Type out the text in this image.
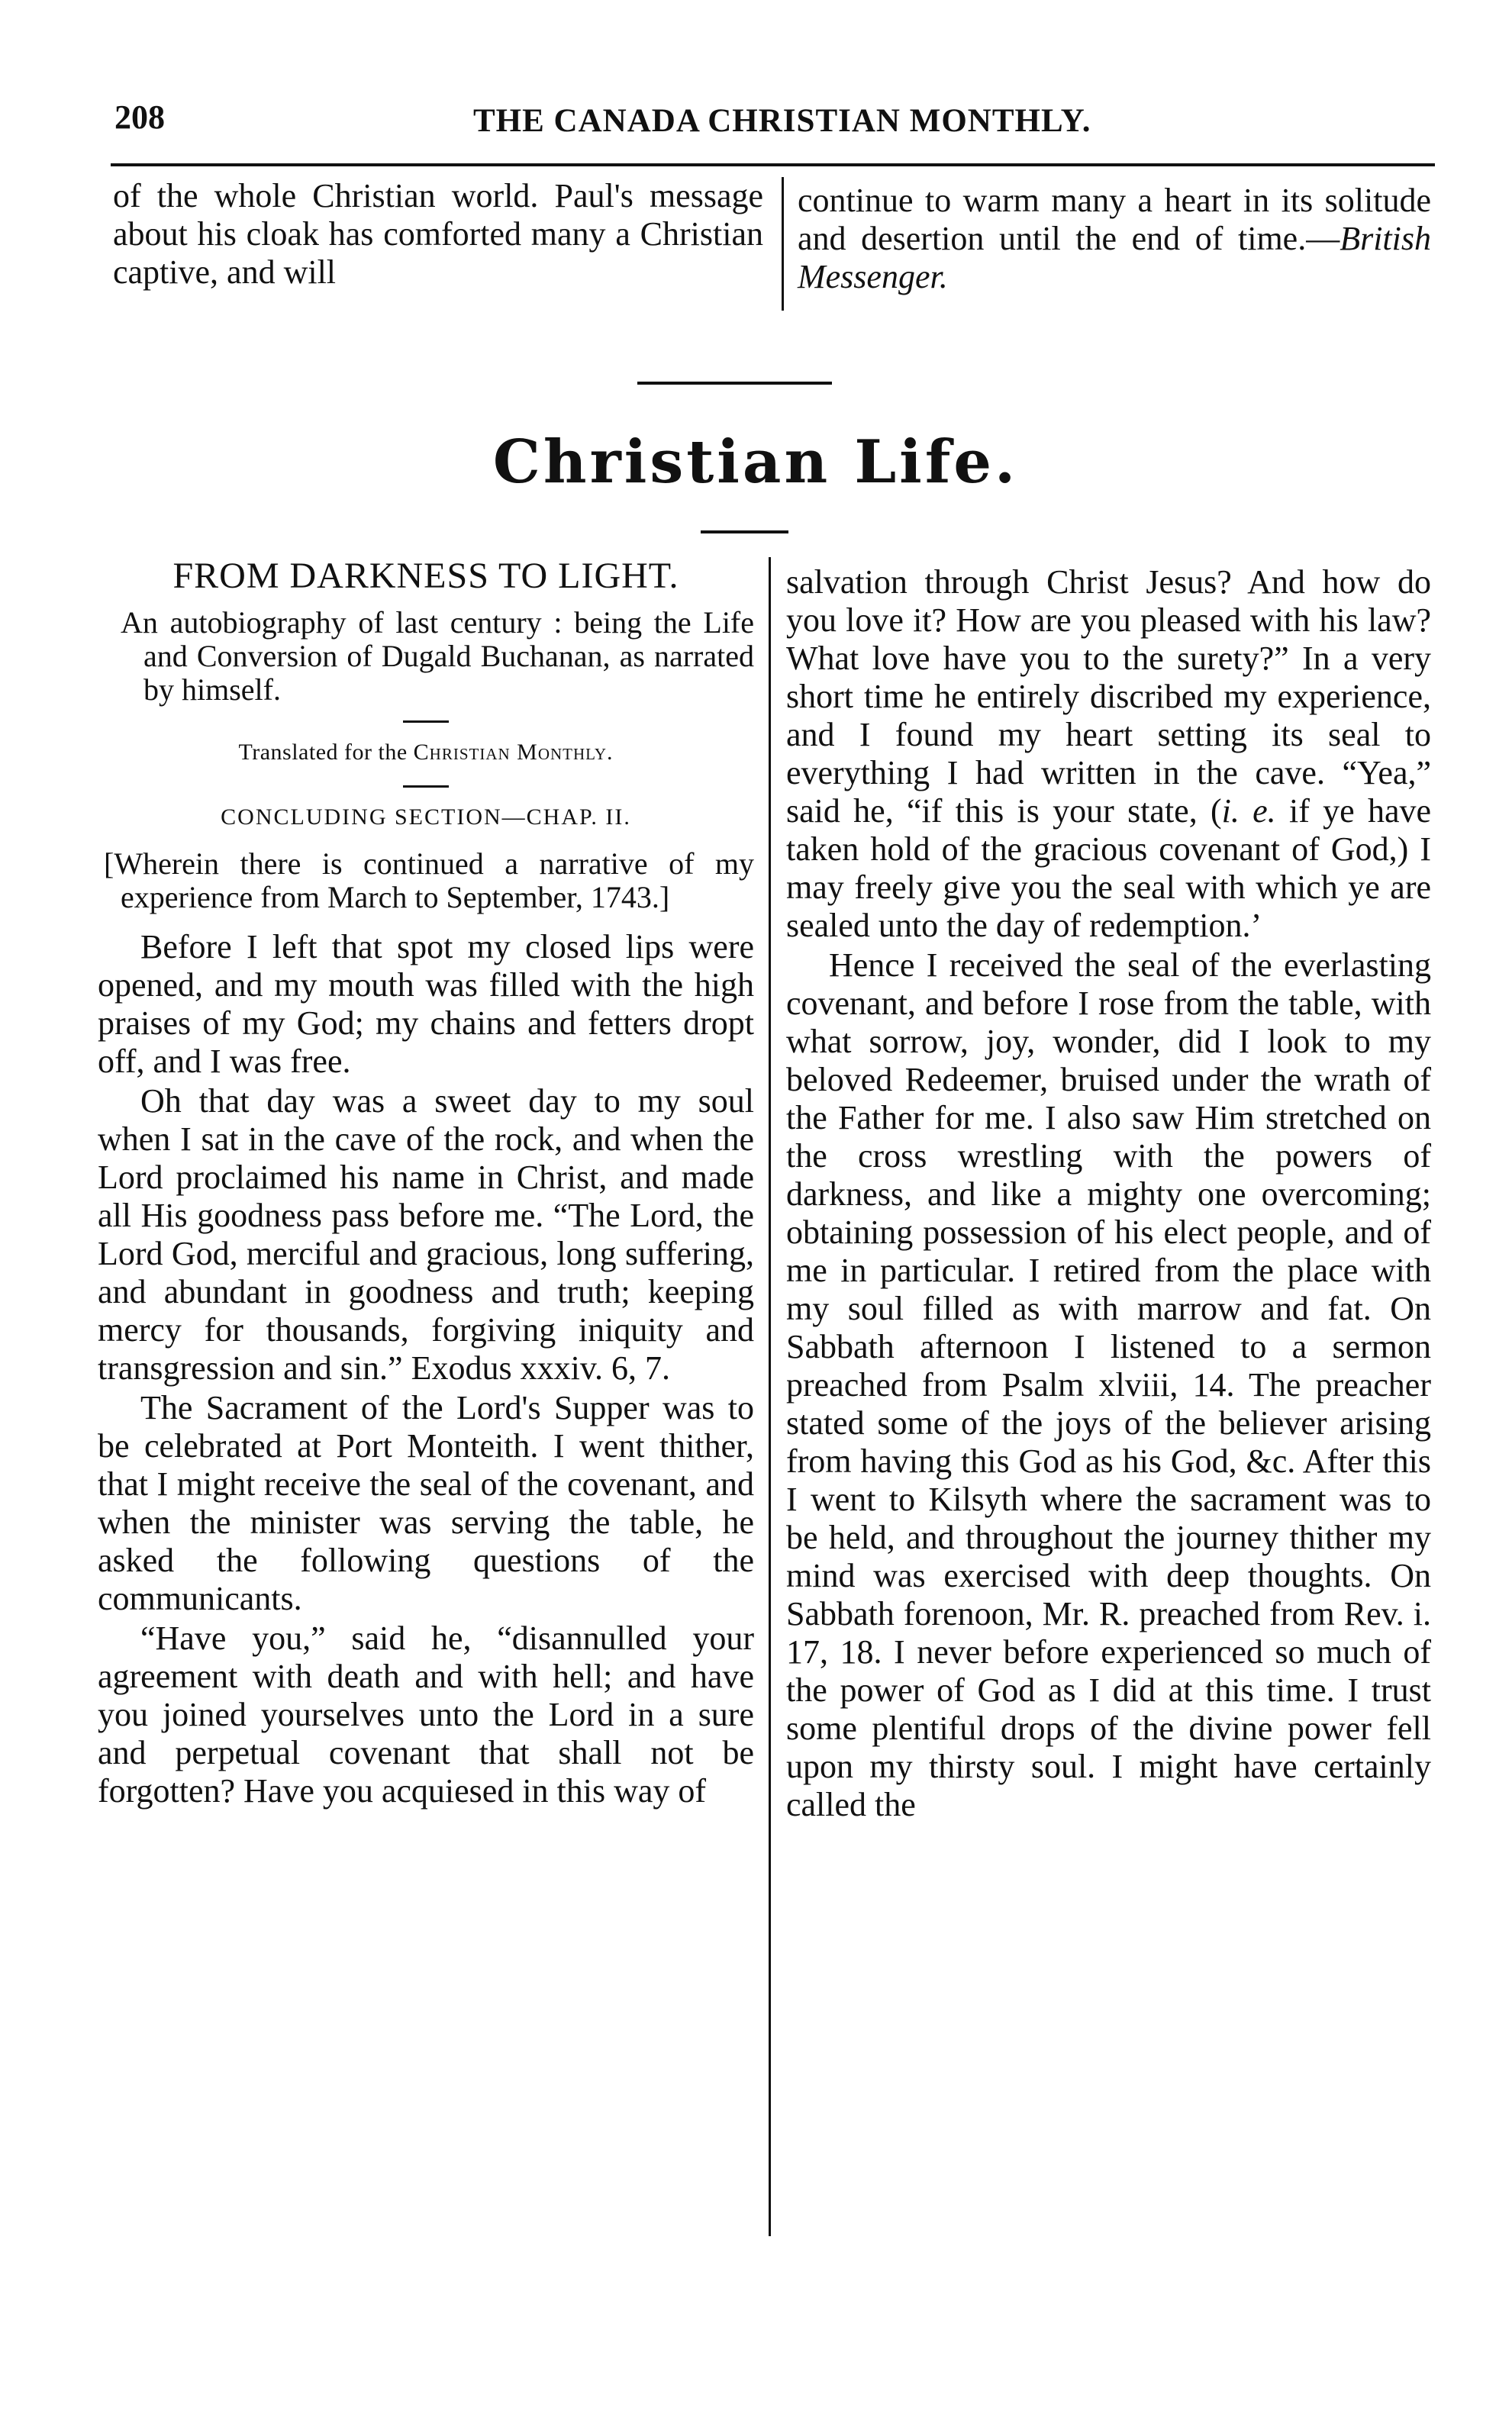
208	THE CANADA CHRISTIAN MONTHLY.

of the whole Christian world. Paul's message about his cloak has comforted many a Christian captive, and will

continue to warm many a heart in its solitude and desertion until the end of time.—British Messenger.

Christian Life.

FROM DARKNESS TO LIGHT.

An autobiography of last century : being the Life and Conversion of Dugald Buchanan, as narrated by himself.

Translated for the Christian Monthly.

CONCLUDING SECTION—CHAP. II.

[Wherein there is continued a narrative of my experience from March to September, 1743.]

Before I left that spot my closed lips were opened, and my mouth was filled with the high praises of my God; my chains and fetters dropt off, and I was free.

Oh that day was a sweet day to my soul when I sat in the cave of the rock, and when the Lord proclaimed his name in Christ, and made all His goodness pass before me. “The Lord, the Lord God, merciful and gracious, long suffering, and abundant in goodness and truth; keeping mercy for thousands, forgiving iniquity and transgression and sin.” Exodus xxxiv. 6, 7.

The Sacrament of the Lord's Supper was to be celebrated at Port Monteith. I went thither, that I might receive the seal of the covenant, and when the minister was serving the table, he asked the following questions of the communicants.

“Have you,” said he, “disannulled your agreement with death and with hell; and have you joined yourselves unto the Lord in a sure and perpetual covenant that shall not be forgotten? Have you acquiesed in this way of

salvation through Christ Jesus? And how do you love it? How are you pleased with his law? What love have you to the surety?” In a very short time he entirely discribed my experience, and I found my heart setting its seal to everything I had written in the cave. “Yea,” said he, “if this is your state, (i. e. if ye have taken hold of the gracious covenant of God,) I may freely give you the seal with which ye are sealed unto the day of redemption.’

Hence I received the seal of the everlasting covenant, and before I rose from the table, with what sorrow, joy, wonder, did I look to my beloved Redeemer, bruised under the wrath of the Father for me. I also saw Him stretched on the cross wrestling with the powers of darkness, and like a mighty one overcoming; obtaining possession of his elect people, and of me in particular. I retired from the place with my soul filled as with marrow and fat. On Sabbath afternoon I listened to a sermon preached from Psalm xlviii, 14. The preacher stated some of the joys of the believer arising from having this God as his God, &c. After this I went to Kilsyth where the sacrament was to be held, and throughout the journey thither my mind was exercised with deep thoughts. On Sabbath forenoon, Mr. R. preached from Rev. i. 17, 18. I never before experienced so much of the power of God as I did at this time. I trust some plentiful drops of the divine power fell upon my thirsty soul. I might have certainly called the
